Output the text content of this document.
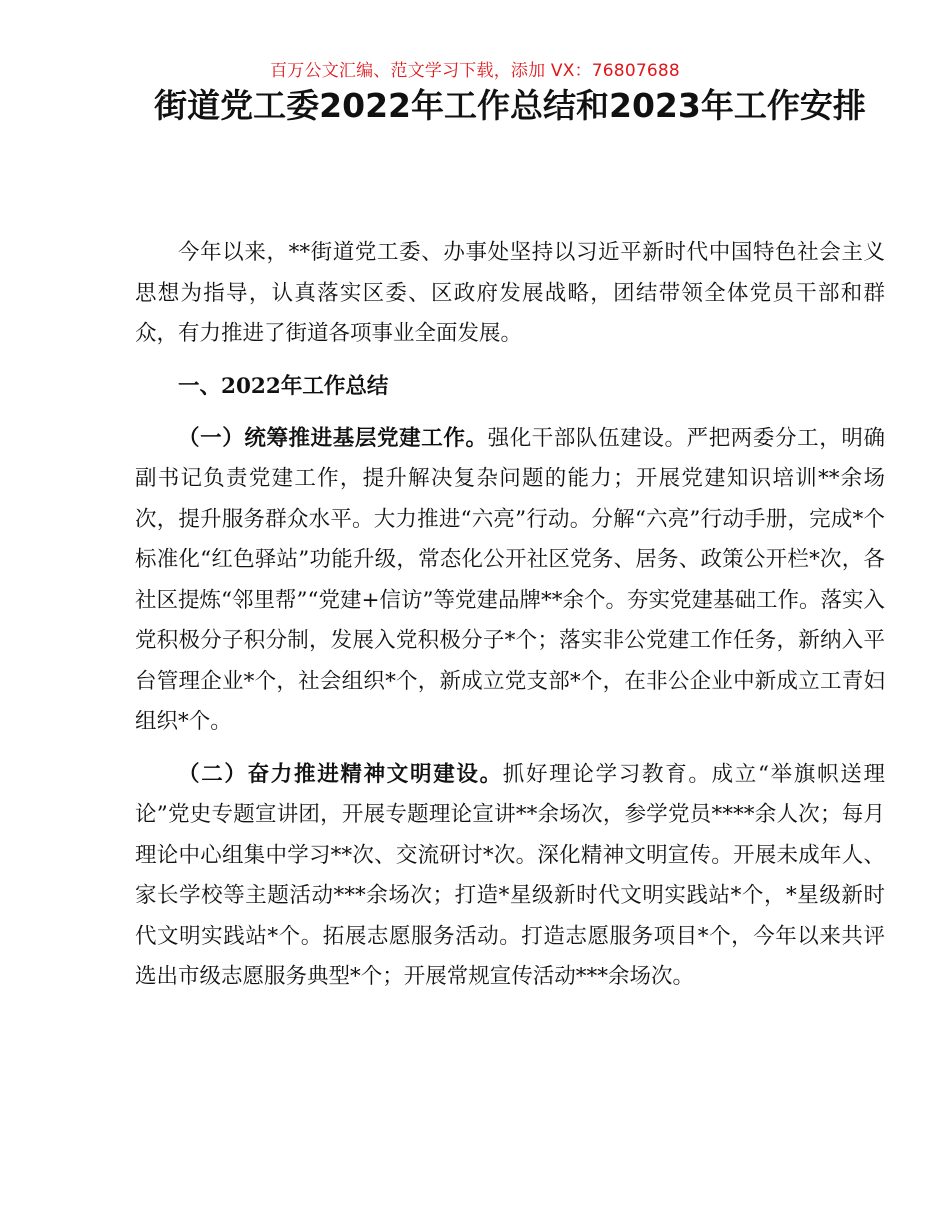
百万公文汇编、范文学习下载，添加 VX：76807688
街道党工委2022年工作总结和2023年工作安排

今年以来，**街道党工委、办事处坚持以习近平新时代中国特色社会主义思想为指导，认真落实区委、区政府发展战略，团结带领全体党员干部和群众，有力推进了街道各项事业全面发展。

一、2022年工作总结

（一）统筹推进基层党建工作。强化干部队伍建设。严把两委分工，明确副书记负责党建工作，提升解决复杂问题的能力；开展党建知识培训**余场次，提升服务群众水平。大力推进“六亮”行动。分解“六亮”行动手册，完成*个标准化“红色驿站”功能升级，常态化公开社区党务、居务、政策公开栏*次，各社区提炼“邻里帮”“党建+信访”等党建品牌**余个。夯实党建基础工作。落实入党积极分子积分制，发展入党积极分子*个；落实非公党建工作任务，新纳入平台管理企业*个，社会组织*个，新成立党支部*个，在非公企业中新成立工青妇组织*个。

（二）奋力推进精神文明建设。抓好理论学习教育。成立“举旗帜送理论”党史专题宣讲团，开展专题理论宣讲**余场次，参学党员****余人次；每月理论中心组集中学习**次、交流研讨*次。深化精神文明宣传。开展未成年人、家长学校等主题活动***余场次；打造*星级新时代文明实践站*个，*星级新时代文明实践站*个。拓展志愿服务活动。打造志愿服务项目*个，今年以来共评选出市级志愿服务典型*个；开展常规宣传活动***余场次。
